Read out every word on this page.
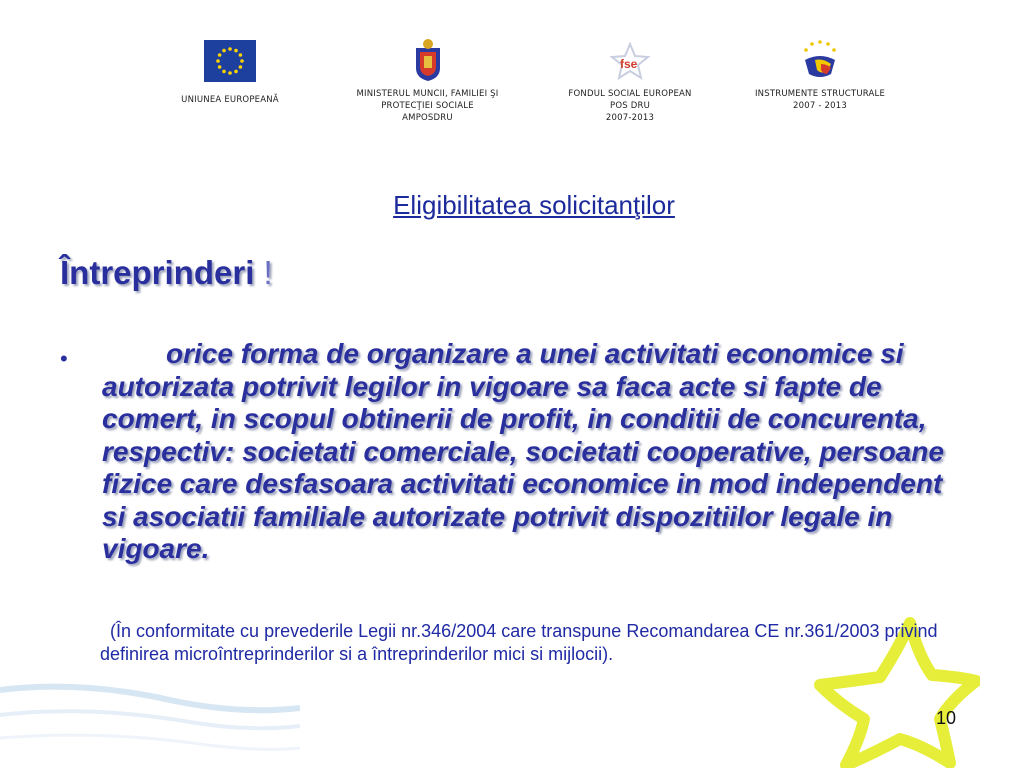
UNIUNEA EUROPEANĂ
MINISTERUL MUNCII, FAMILIEI ŞI
PROTECŢIEI SOCIALE
AMPOSDRU
fse
FONDUL SOCIAL EUROPEAN
POS DRU
2007-2013
INSTRUMENTE STRUCTURALE
2007 - 2013
Eligibilitatea solicitanţilor
Întreprinderi !
•	orice forma de organizare a unei activitati economice si autorizata potrivit legilor in vigoare sa faca acte si fapte de comert, in scopul obtinerii de profit, in conditii de concurenta, respectiv: societati comerciale, societati cooperative, persoane fizice care desfasoara activitati economice in mod independent si asociatii familiale autorizate potrivit dispozitiilor legale in vigoare.
(În conformitate cu prevederile Legii nr.346/2004 care transpune Recomandarea CE nr.361/2003 privind definirea microîntreprinderilor si a întreprinderilor mici si mijlocii).
10
